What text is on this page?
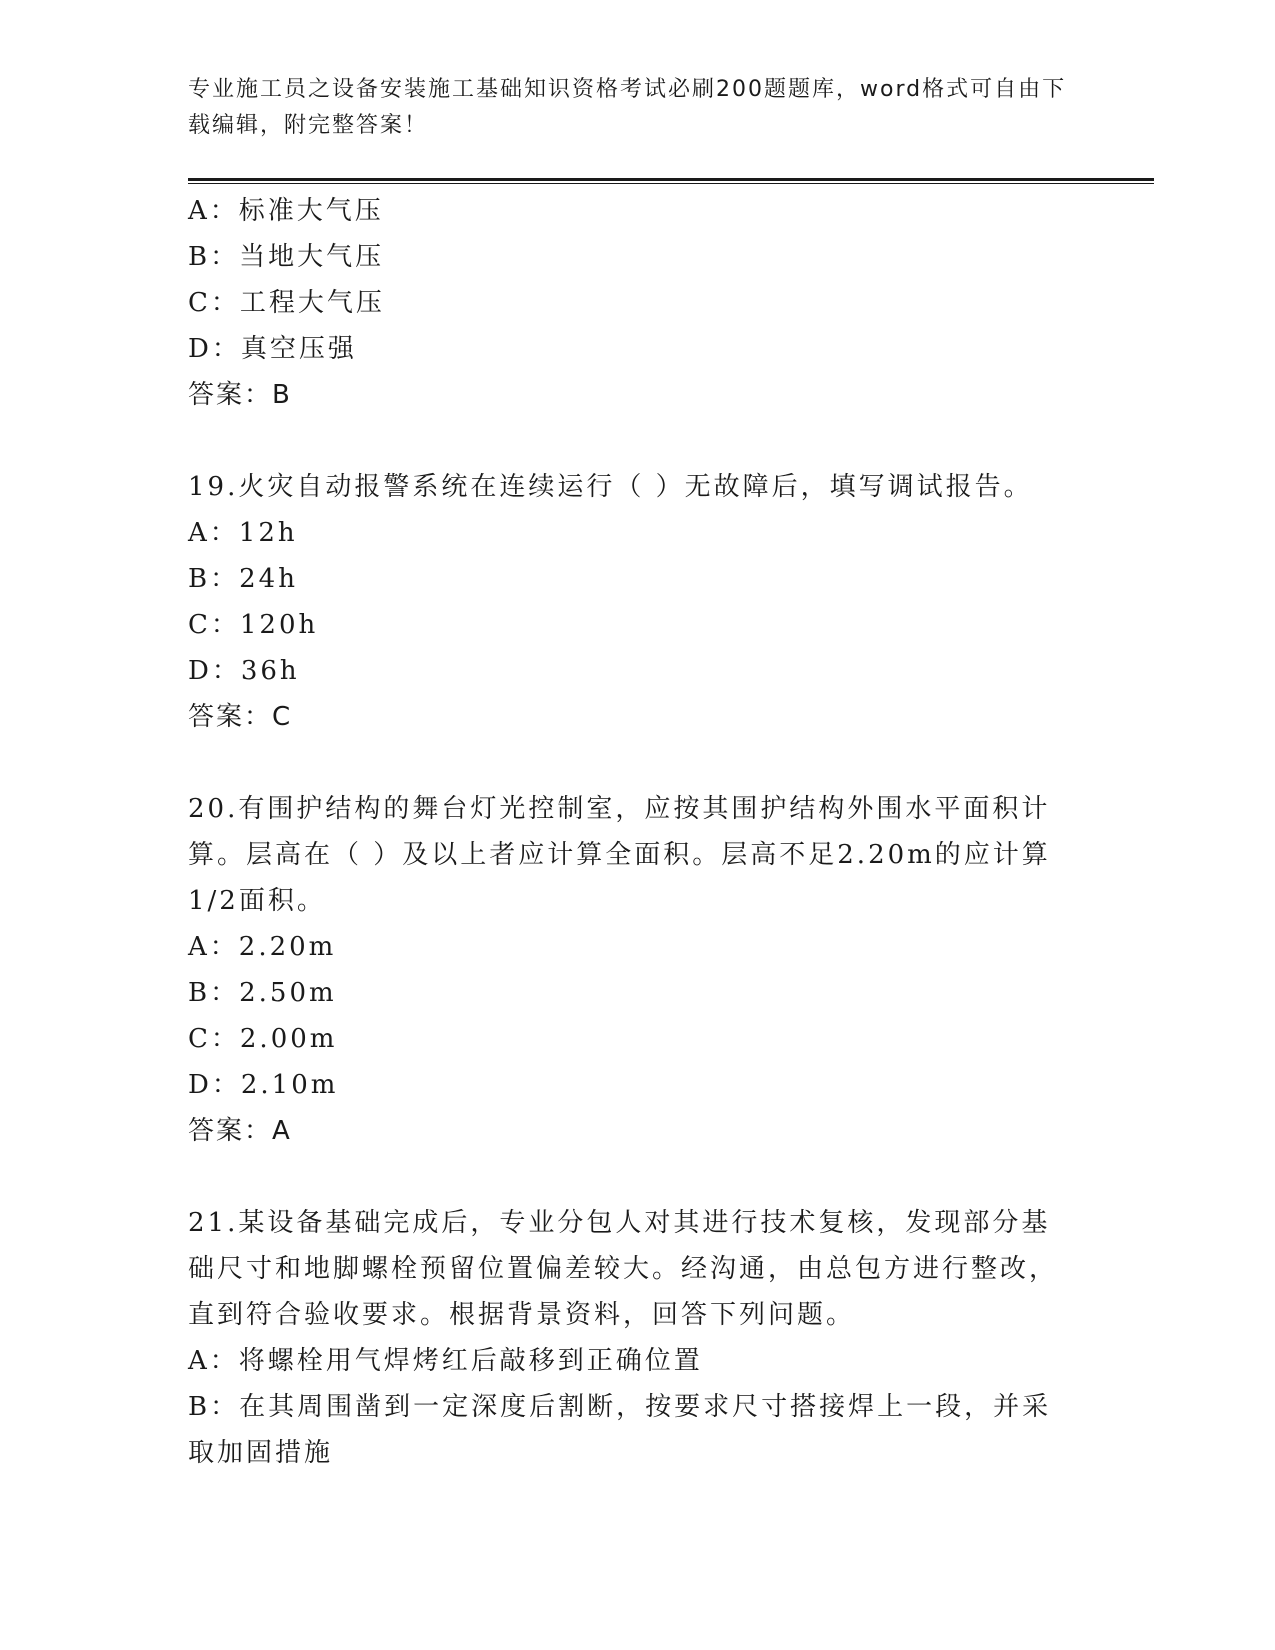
专业施工员之设备安装施工基础知识资格考试必刷200题题库，word格式可自由下载编辑，附完整答案！
A：标准大气压
B：当地大气压
C：工程大气压
D：真空压强
答案：B
19.火灾自动报警系统在连续运行（ ）无故障后，填写调试报告。
A：12h
B：24h
C：120h
D：36h
答案：C
20.有围护结构的舞台灯光控制室，应按其围护结构外围水平面积计算。层高在（ ）及以上者应计算全面积。层高不足2.20m的应计算1/2面积。
A：2.20m
B：2.50m
C：2.00m
D：2.10m
答案：A
21.某设备基础完成后，专业分包人对其进行技术复核，发现部分基础尺寸和地脚螺栓预留位置偏差较大。经沟通，由总包方进行整改，直到符合验收要求。根据背景资料，回答下列问题。
A：将螺栓用气焊烤红后敲移到正确位置
B：在其周围凿到一定深度后割断，按要求尺寸搭接焊上一段，并采取加固措施
